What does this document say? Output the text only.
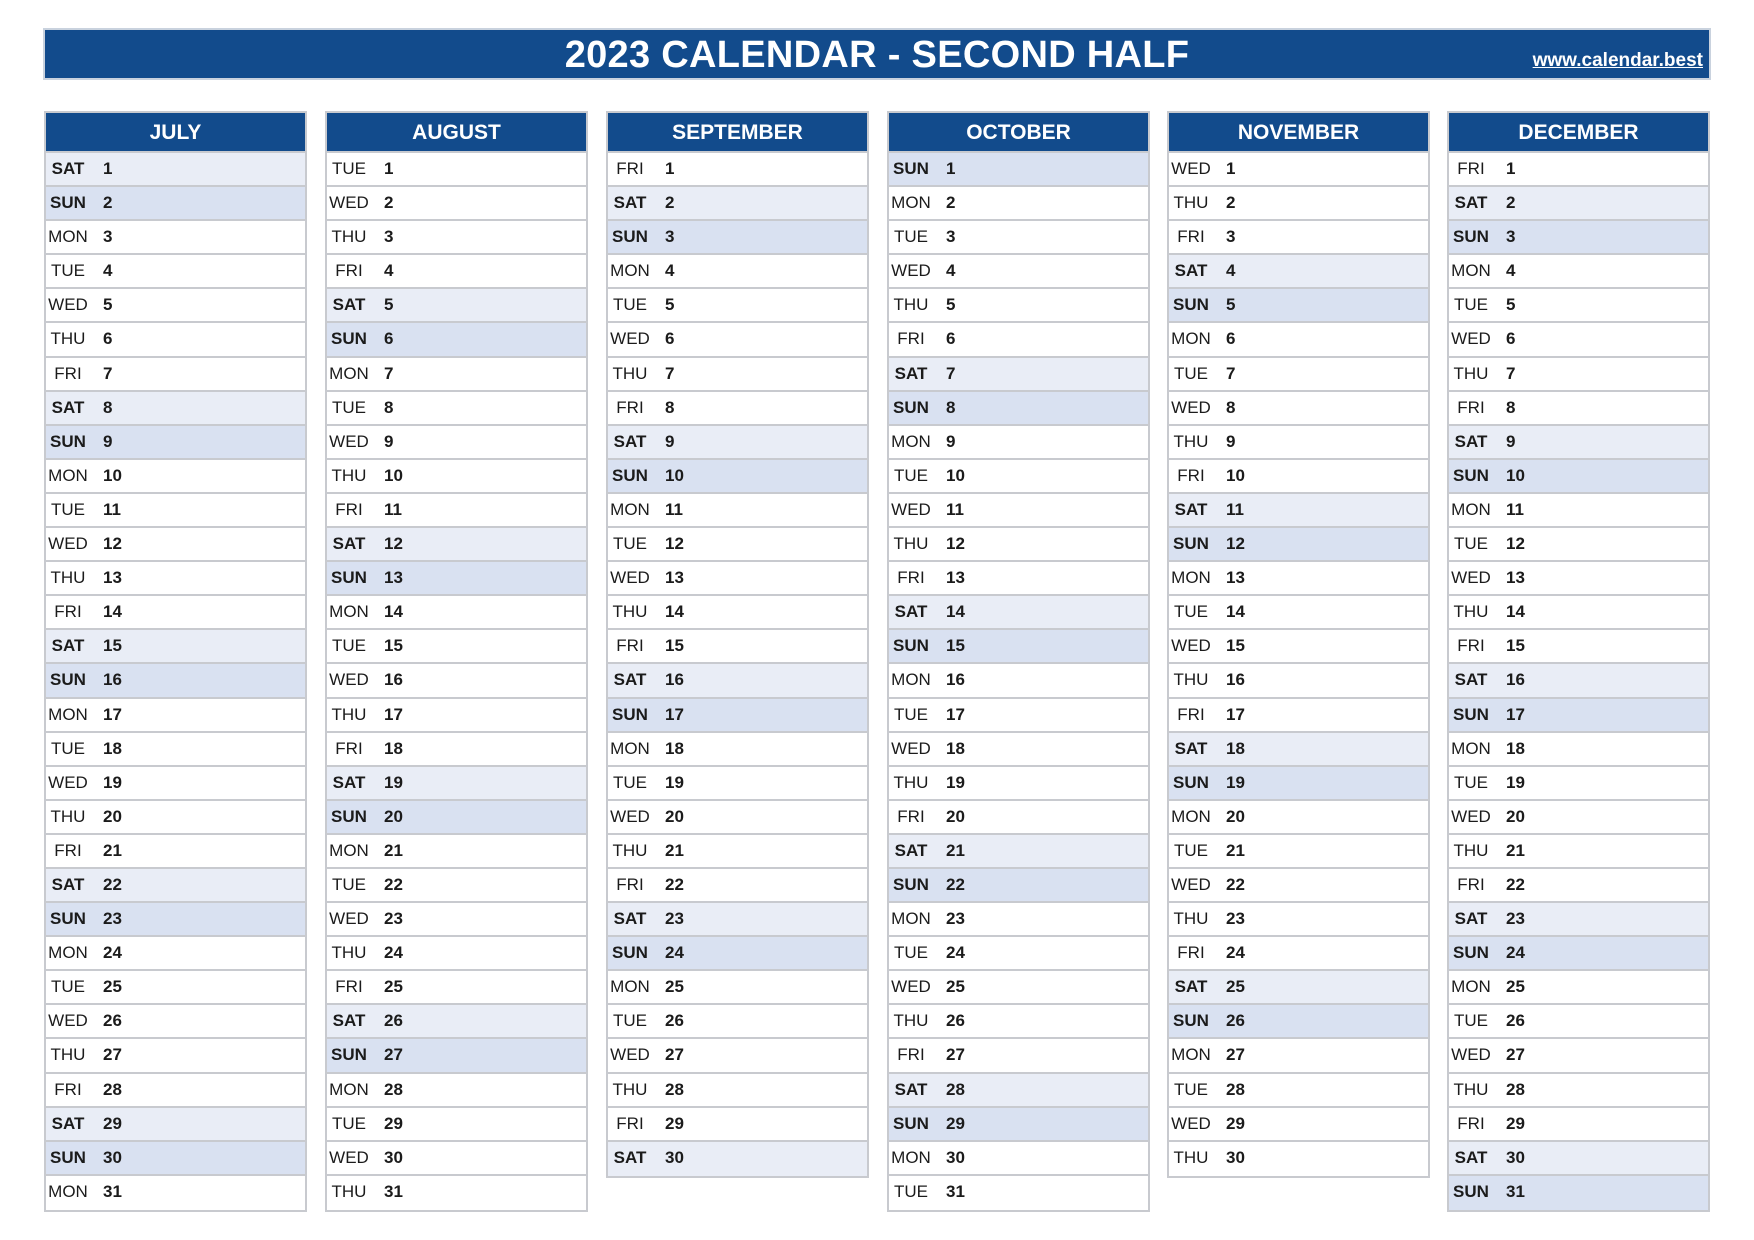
2023 CALENDAR - SECOND HALF	www.calendar.best
JULY
SAT	1
SUN 2
MON 3
TUE 4
WED 5
THU 6
FRI	7
SAT	8
SUN 9
MON 10
TUE 11
WED 12
THU 13
FRI	14
SAT	15
SUN 16
MON 17
TUE 18
WED 19
THU 20
FRI	21
SAT	22
SUN 23
MON 24
TUE 25
WED 26
THU 27
FRI	28
SAT	29
SUN 30
MON 31
AUGUST
TUE 1
WED 2
THU 3
FRI	4
SAT	5
SUN 6
MON 7
TUE 8
WED 9
THU 10
FRI	11
SAT	12
SUN 13
MON 14
TUE 15
WED 16
THU 17
FRI	18
SAT	19
SUN 20
MON 21
TUE 22
WED 23
THU 24
FRI	25
SAT	26
SUN 27
MON 28
TUE 29
WED 30
THU 31
SEPTEMBER
FRI	1
SAT	2
SUN 3
MON 4
TUE 5
WED 6
THU 7
FRI	8
SAT	9
SUN 10
MON 11
TUE 12
WED 13
THU 14
FRI	15
SAT	16
SUN 17
MON 18
TUE 19
WED 20
THU 21
FRI	22
SAT	23
SUN 24
MON 25
TUE 26
WED 27
THU 28
FRI	29
SAT	30
OCTOBER
SUN 1
MON 2
TUE 3
WED 4
THU 5
FRI	6
SAT	7
SUN 8
MON 9
TUE 10
WED 11
THU 12
FRI	13
SAT	14
SUN 15
MON 16
TUE 17
WED 18
THU 19
FRI	20
SAT	21
SUN 22
MON 23
TUE 24
WED 25
THU 26
FRI	27
SAT	28
SUN 29
MON 30
TUE 31
NOVEMBER
WED 1
THU 2
FRI	3
SAT	4
SUN 5
MON 6
TUE 7
WED 8
THU 9
FRI	10
SAT	11
SUN 12
MON 13
TUE 14
WED 15
THU 16
FRI	17
SAT	18
SUN 19
MON 20
TUE 21
WED 22
THU 23
FRI	24
SAT	25
SUN 26
MON 27
TUE 28
WED 29
THU 30
DECEMBER
FRI	1
SAT	2
SUN 3
MON 4
TUE 5
WED 6
THU 7
FRI	8
SAT	9
SUN 10
MON 11
TUE 12
WED 13
THU 14
FRI	15
SAT	16
SUN 17
MON 18
TUE 19
WED 20
THU 21
FRI	22
SAT	23
SUN 24
MON 25
TUE 26
WED 27
THU 28
FRI	29
SAT	30
SUN 31
